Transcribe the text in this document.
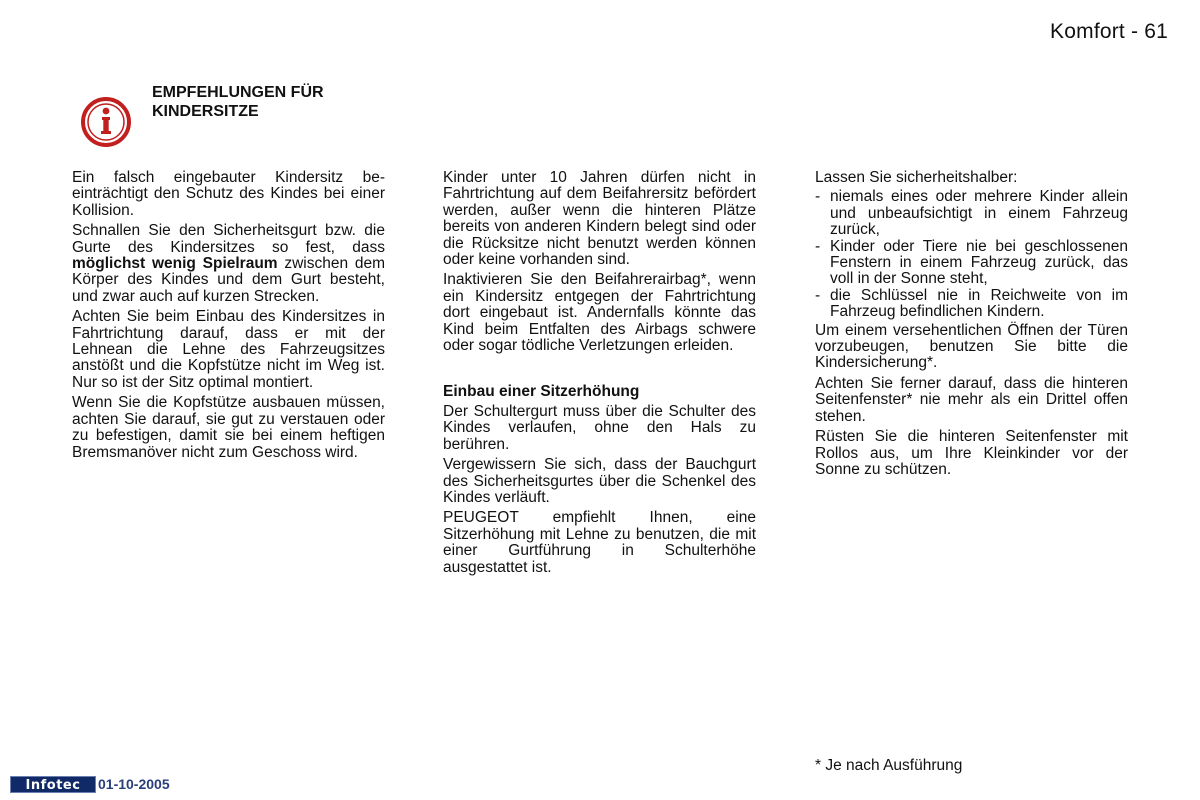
Komfort - 61
EMPFEHLUNGEN FÜR
KINDERSITZE

Ein falsch eingebauter Kindersitz beeinträchtigt den Schutz des Kindes bei einer Kollision.

Schnallen Sie den Sicherheitsgurt bzw. die Gurte des Kindersitzes so fest, dass möglichst wenig Spielraum zwischen dem Körper des Kindes und dem Gurt besteht, und zwar auch auf kurzen Strecken.

Achten Sie beim Einbau des Kindersitzes in Fahrtrichtung darauf, dass er mit der Lehnean die Lehne des Fahrzeugsitzes anstößt und die Kopfstütze nicht im Weg ist. Nur so ist der Sitz optimal montiert.

Wenn Sie die Kopfstütze ausbauen müssen, achten Sie darauf, sie gut zu verstauen oder zu befestigen, damit sie bei einem heftigen Bremsmanöver nicht zum Geschoss wird.

Kinder unter 10 Jahren dürfen nicht in Fahrtrichtung auf dem Beifahrersitz befördert werden, außer wenn die hinteren Plätze bereits von anderen Kindern belegt sind oder die Rücksitze nicht benutzt werden können oder keine vorhanden sind.

Inaktivieren Sie den Beifahrerairbag*, wenn ein Kindersitz entgegen der Fahrtrichtung dort eingebaut ist. Andernfalls könnte das Kind beim Entfalten des Airbags schwere oder sogar tödliche Verletzungen erleiden.

Einbau einer Sitzerhöhung

Der Schultergurt muss über die Schulter des Kindes verlaufen, ohne den Hals zu berühren.

Vergewissern Sie sich, dass der Bauchgurt des Sicherheitsgurtes über die Schenkel des Kindes verläuft.

PEUGEOT empfiehlt Ihnen, eine Sitzerhöhung mit Lehne zu benutzen, die mit einer Gurtführung in Schulterhöhe ausgestattet ist.

Lassen Sie sicherheitshalber:

- niemals eines oder mehrere Kinder allein und unbeaufsichtigt in einem Fahrzeug zurück,
- Kinder oder Tiere nie bei geschlossenen Fenstern in einem Fahrzeug zurück, das voll in der Sonne steht,
- die Schlüssel nie in Reichweite von im Fahrzeug befindlichen Kindern.

Um einem versehentlichen Öffnen der Türen vorzubeugen, benutzen Sie bitte die Kindersicherung*.

Achten Sie ferner darauf, dass die hinteren Seitenfenster* nie mehr als ein Drittel offen stehen.

Rüsten Sie die hinteren Seitenfenster mit Rollos aus, um Ihre Kleinkinder vor der Sonne zu schützen.

* Je nach Ausführung
Infotec	01-10-2005
